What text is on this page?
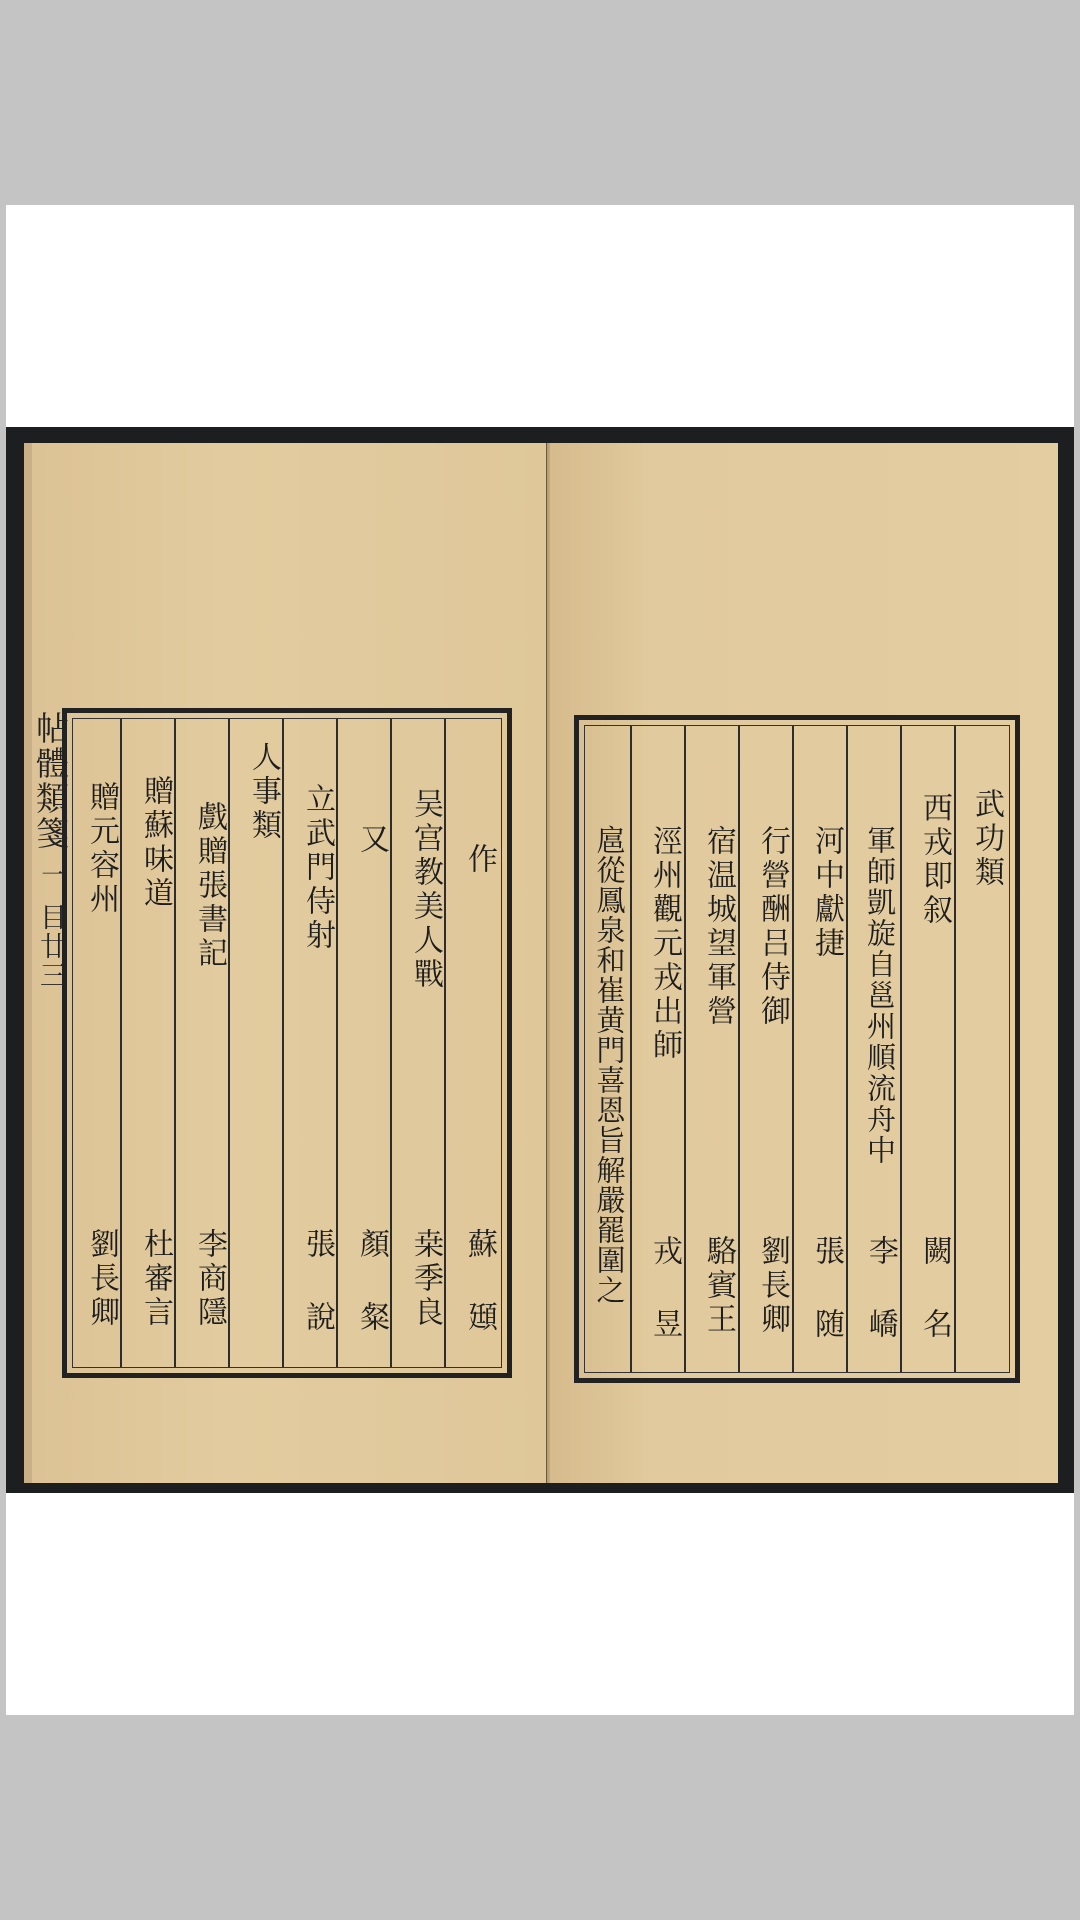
帖體類箋
一
目廿三
作
蘇 頲
吴宫教美人戰
桒季良
又
顏 粲
立武門侍射
張 說
人事類
戲贈張書記
李商隱
贈蘇味道
杜審言
贈元容州
劉長卿
武功類
西戎即叙
闕 名
軍師凱旋自邕州順流舟中
李 嶠
河中獻捷
張 随
行營酬吕侍御
劉長卿
宿温城望軍營
駱賓王
涇州觀元戎出師
戎 昱
扈從鳳泉和崔黄門喜恩旨解嚴罷圍之
